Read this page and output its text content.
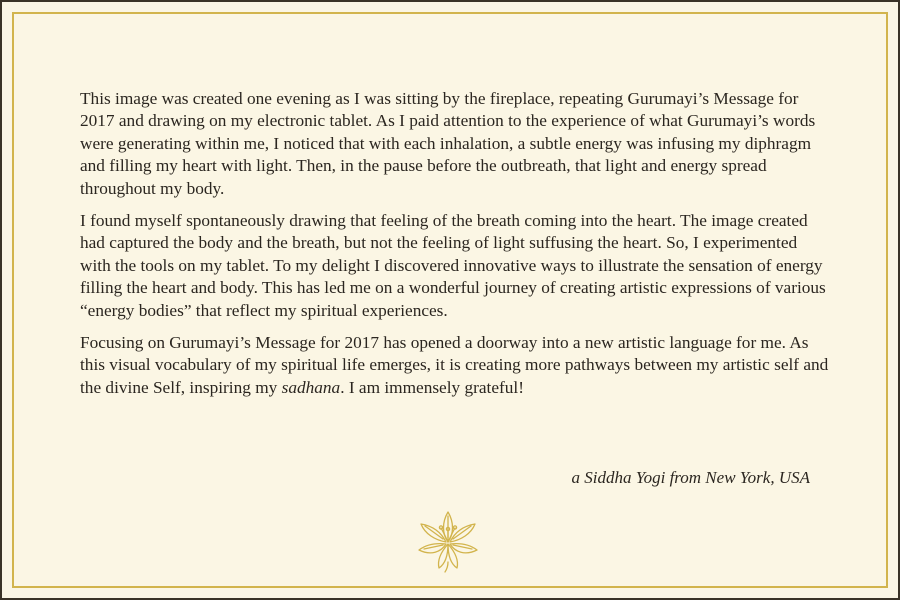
This image was created one evening as I was sitting by the fireplace, repeating Gurumayi’s Message for 2017 and drawing on my electronic tablet. As I paid attention to the experience of what Gurumayi’s words were generating within me, I noticed that with each inhalation, a subtle energy was infusing my diphragm and filling my heart with light. Then, in the pause before the outbreath, that light and energy spread throughout my body.

I found myself spontaneously drawing that feeling of the breath coming into the heart. The image created had captured the body and the breath, but not the feeling of light suffusing the heart. So, I experimented with the tools on my tablet. To my delight I discovered innovative ways to illustrate the sensation of energy filling the heart and body. This has led me on a wonderful journey of creating artistic expressions of various “energy bodies” that reflect my spiritual experiences.

Focusing on Gurumayi’s Message for 2017 has opened a doorway into a new artistic language for me. As this visual vocabulary of my spiritual life emerges, it is creating more pathways between my artistic self and the divine Self, inspiring my sadhana. I am immensely grateful!

a Siddha Yogi from New York, USA
